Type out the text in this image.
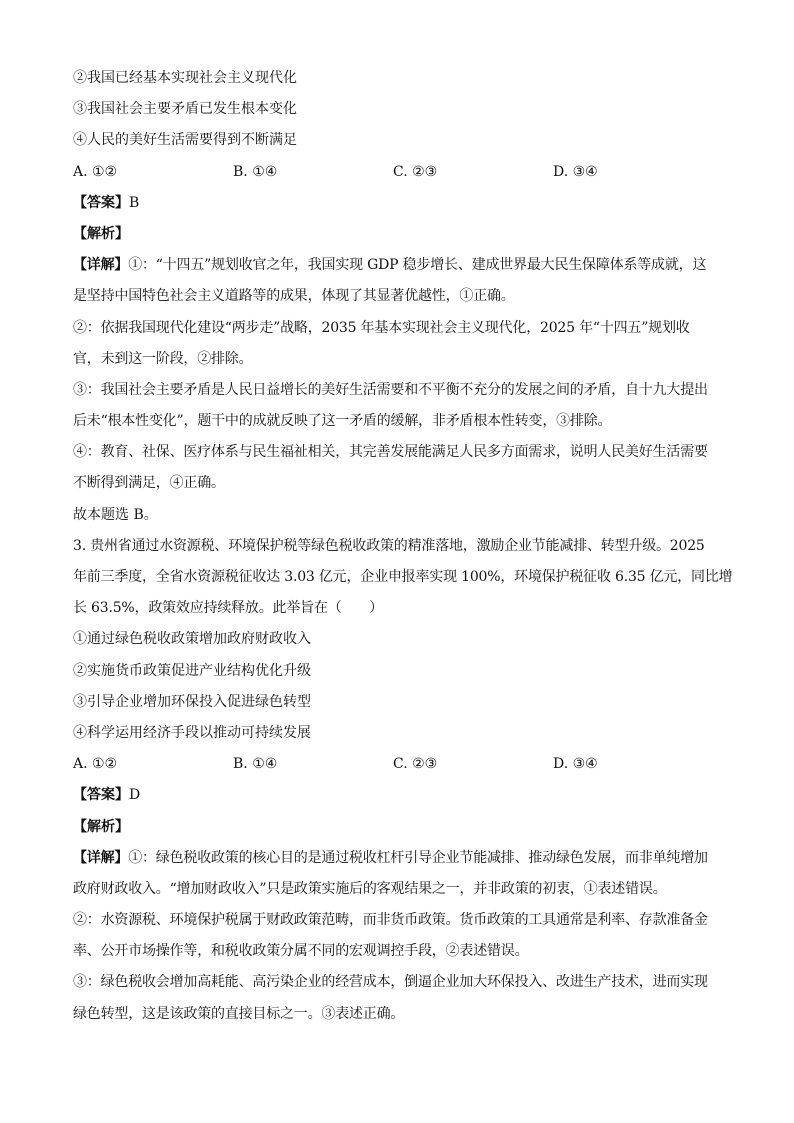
②我国已经基本实现社会主义现代化
③我国社会主要矛盾已发生根本变化
④人民的美好生活需要得到不断满足
A. ①②	B. ①④	C. ②③	D. ③④
【答案】B
【解析】
【详解】①：“十四五”规划收官之年，我国实现 GDP 稳步增长、建成世界最大民生保障体系等成就，这
是坚持中国特色社会主义道路等的成果，体现了其显著优越性，①正确。
②：依据我国现代化建设“两步走”战略，2035 年基本实现社会主义现代化，2025 年“十四五”规划收
官，未到这一阶段，②排除。
③：我国社会主要矛盾是人民日益增长的美好生活需要和不平衡不充分的发展之间的矛盾，自十九大提出
后未“根本性变化”，题干中的成就反映了这一矛盾的缓解，非矛盾根本性转变，③排除。
④：教育、社保、医疗体系与民生福祉相关，其完善发展能满足人民多方面需求，说明人民美好生活需要
不断得到满足，④正确。
故本题选 B。
3. 贵州省通过水资源税、环境保护税等绿色税收政策的精准落地，激励企业节能减排、转型升级。2025
年前三季度，全省水资源税征收达 3.03 亿元，企业申报率实现 100%，环境保护税征收 6.35 亿元，同比增
长 63.5%，政策效应持续释放。此举旨在（　　）
①通过绿色税收政策增加政府财政收入
②实施货币政策促进产业结构优化升级
③引导企业增加环保投入促进绿色转型
④科学运用经济手段以推动可持续发展
A. ①②	B. ①④	C. ②③	D. ③④
【答案】D
【解析】
【详解】①：绿色税收政策的核心目的是通过税收杠杆引导企业节能减排、推动绿色发展，而非单纯增加
政府财政收入。“增加财政收入”只是政策实施后的客观结果之一，并非政策的初衷，①表述错误。
②：水资源税、环境保护税属于财政政策范畴，而非货币政策。货币政策的工具通常是利率、存款准备金
率、公开市场操作等，和税收政策分属不同的宏观调控手段，②表述错误。
③：绿色税收会增加高耗能、高污染企业的经营成本，倒逼企业加大环保投入、改进生产技术，进而实现
绿色转型，这是该政策的直接目标之一。③表述正确。
